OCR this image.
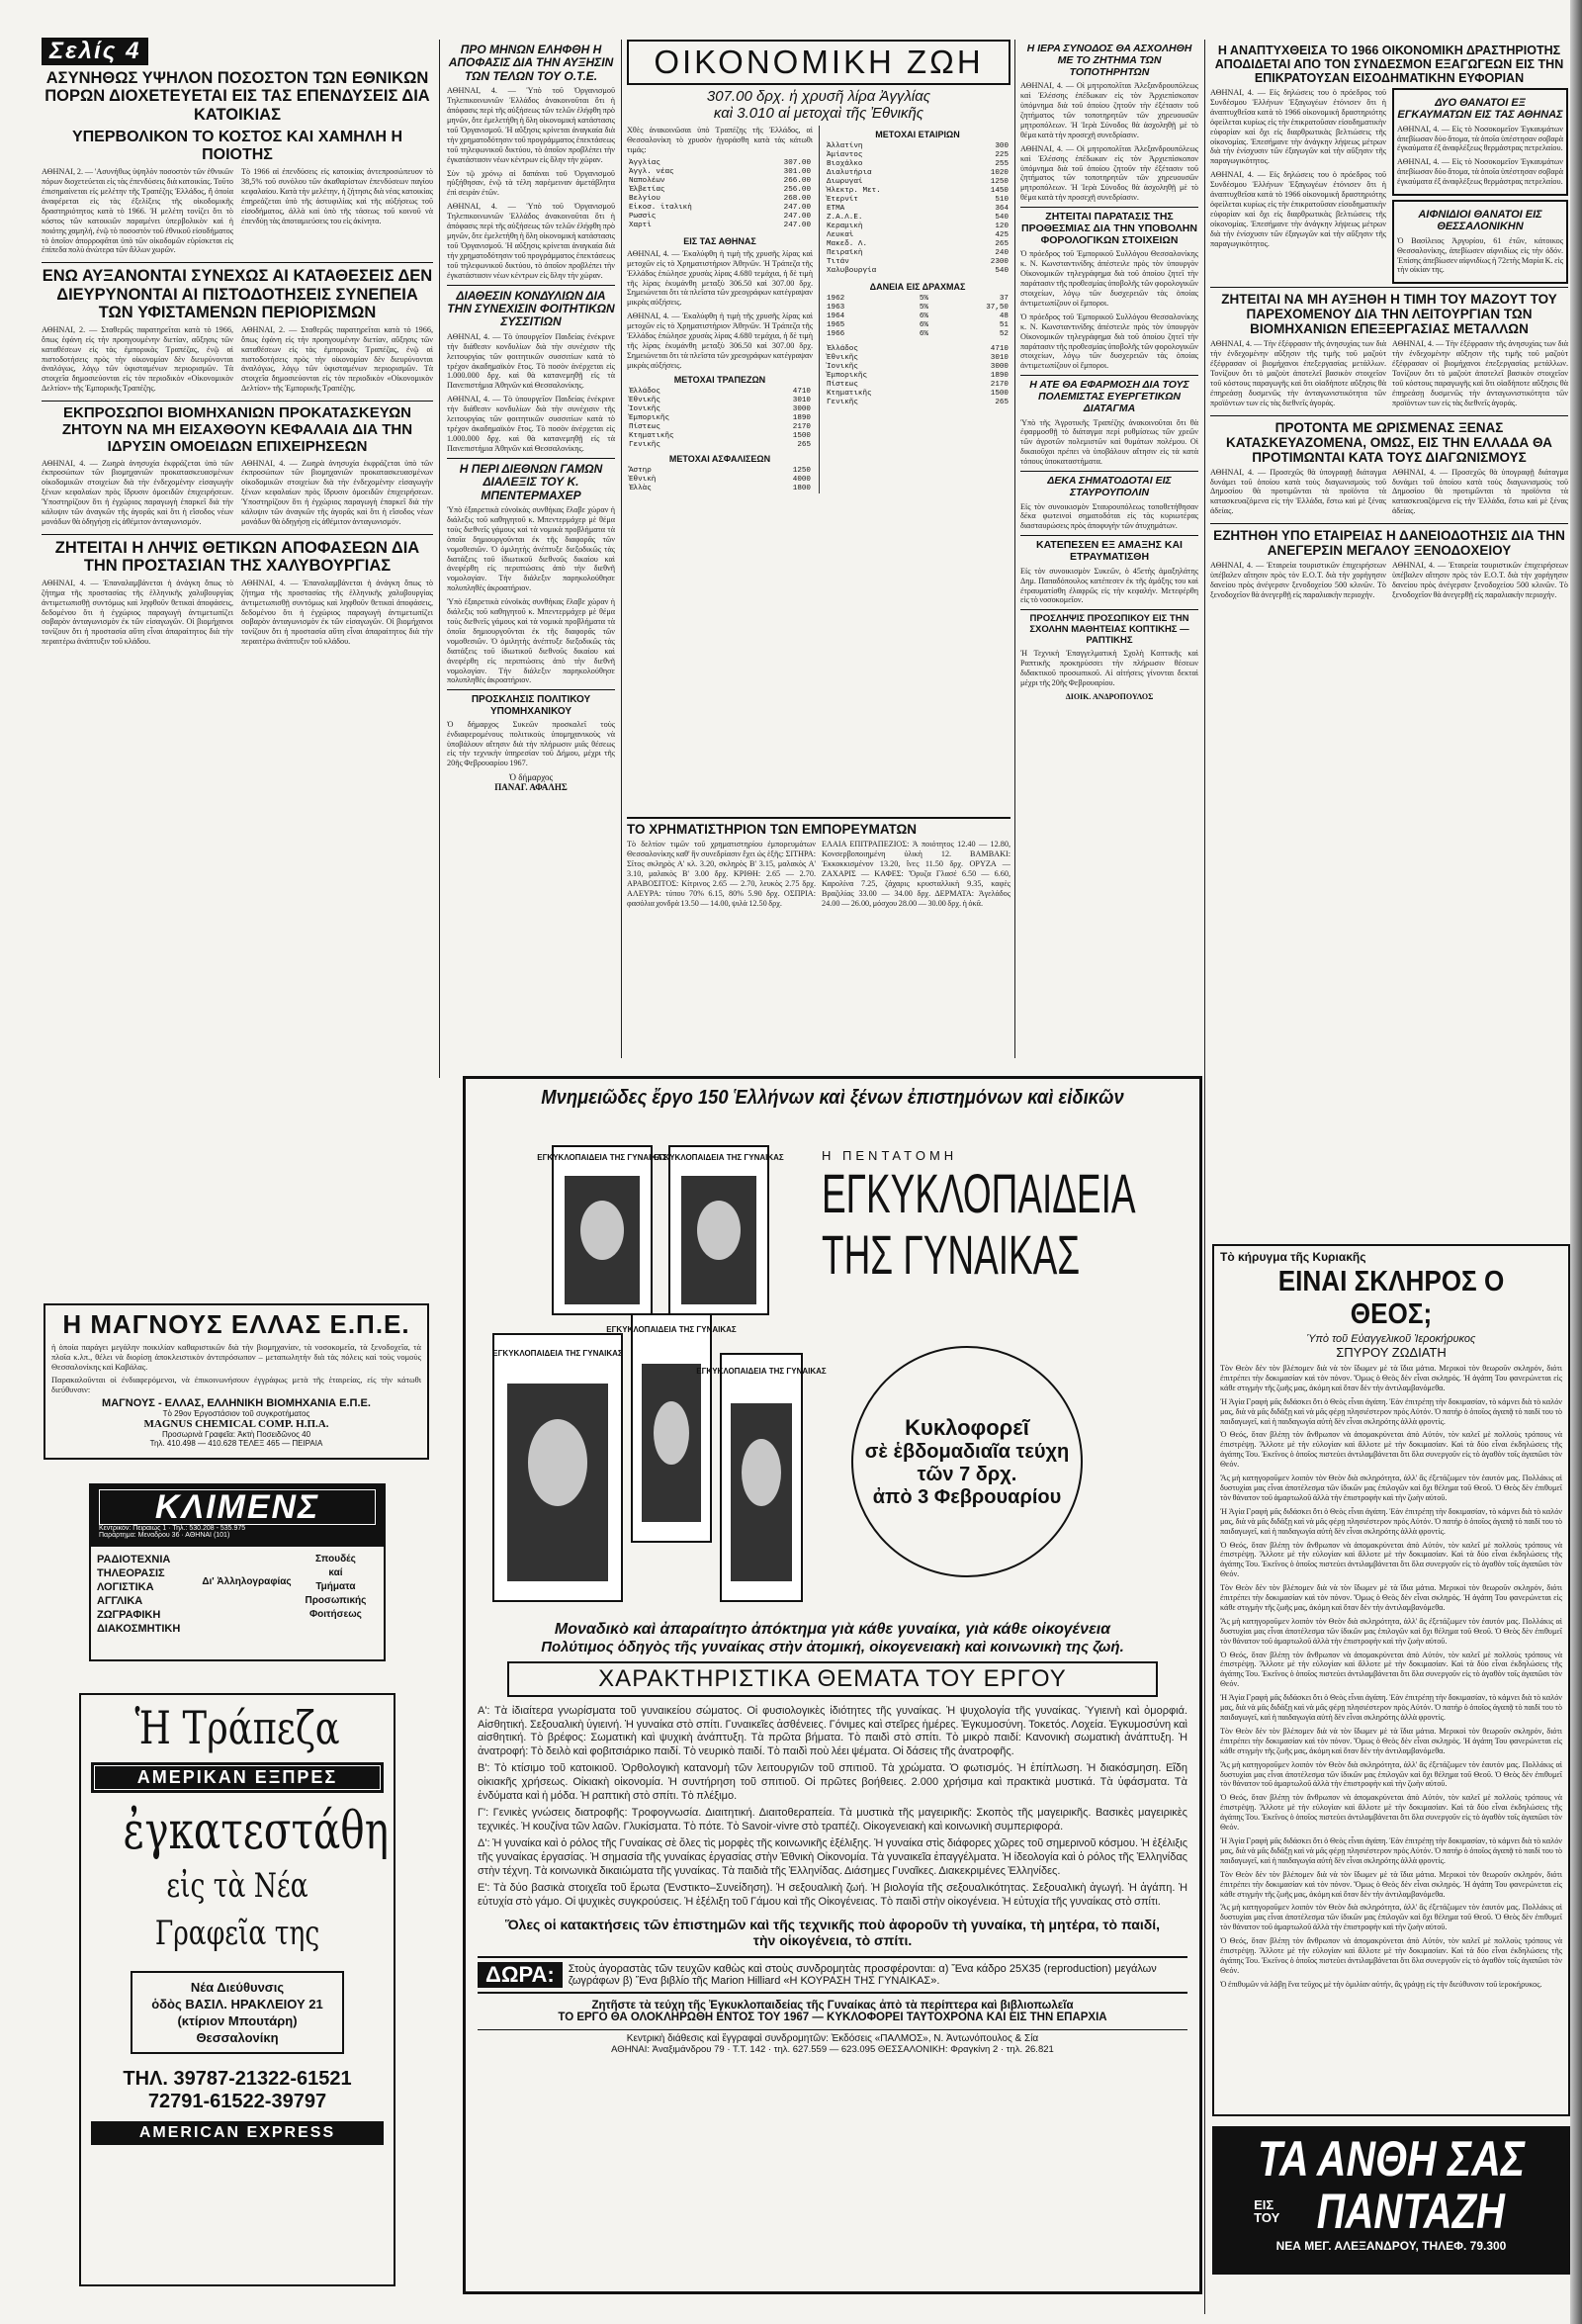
Σελίς 4
ΑΣΥΝΗΘΩΣ ΥΨΗΛΟΝ ΠΟΣΟΣΤΟΝ ΤΩΝ ΕΘΝΙΚΩΝ ΠΟΡΩΝ ΔΙΟΧΕΤΕΥΕΤΑΙ ΕΙΣ ΤΑΣ ΕΠΕΝΔΥΣΕΙΣ ΔΙΑ ΚΑΤΟΙΚΙΑΣ
ΥΠΕΡΒΟΛΙΚΟΝ ΤΟ ΚΟΣΤΟΣ ΚΑΙ ΧΑΜΗΛΗ Η ΠΟΙΟΤΗΣ

ΑΘΗΝΑΙ, 2. — 'Ασυνήθως ὑψηλὸν ποσοστὸν τῶν ἐθνικῶν πόρων διοχετεύεται εἰς τὰς ἐπενδύσεις διὰ κατοικίας. Τοῦτο ἐπισημαίνεται εἰς μελέτην τῆς Τραπέζης Ἑλλάδος, ἣ ὁποία ἀναφέρεται εἰς τὰς ἐξελίξεις τῆς οἰκοδομικῆς δραστηριότητος κατὰ τὸ 1966. Ἡ μελέτη τονίζει ὅτι τὸ κόστος τῶν κατοικιῶν παραμένει ὑπερβολικὸν καὶ ἡ ποιότης χαμηλή, ἐνῷ τὸ ποσοστὸν τοῦ ἐθνικοῦ εἰσοδήματος τὸ ὁποῖον ἀπορροφᾶται ὑπὸ τῶν οἰκοδομῶν εὑρίσκεται εἰς ἐπίπεδα πολὺ ἀνώτερα τῶν ἄλλων χωρῶν.

Τὸ 1966 αἱ ἐπενδύσεις εἰς κατοικίας ἀντεπροσώπευον τὸ 38,5% τοῦ συνόλου τῶν ἀκαθαρίστων ἐπενδύσεων παγίου κεφαλαίου. Κατὰ τὴν μελέτην, ἡ ζήτησις διὰ νέας κατοικίας ἐπηρεάζεται ὑπὸ τῆς ἀστυφιλίας καὶ τῆς αὐξήσεως τοῦ εἰσοδήματος, ἀλλὰ καὶ ὑπὸ τῆς τάσεως τοῦ κοινοῦ νὰ ἐπενδύῃ τὰς ἀποταμιεύσεις του εἰς ἀκίνητα.

ΕΝΩ ΑΥΞΑΝΟΝΤΑΙ ΣΥΝΕΧΩΣ ΑΙ ΚΑΤΑΘΕΣΕΙΣ ΔΕΝ ΔΙΕΥΡΥΝΟΝΤΑΙ ΑΙ ΠΙΣΤΟΔΟΤΗΣΕΙΣ ΣΥΝΕΠΕΙΑ ΤΩΝ ΥΦΙΣΤΑΜΕΝΩΝ ΠΕΡΙΟΡΙΣΜΩΝ

ΑΘΗΝΑΙ, 2. — Σταθερῶς παρατηρεῖται κατὰ τὸ 1966, ὅπως ἐφάνη εἰς τὴν προηγουμένην διετίαν, αὔξησις τῶν καταθέσεων εἰς τὰς ἐμπορικὰς Τραπέζας, ἐνῷ αἱ πιστοδοτήσεις πρὸς τὴν οἰκονομίαν δὲν διευρύνονται ἀναλόγως, λόγῳ τῶν ὑφισταμένων περιορισμῶν. Τὰ στοιχεῖα δημοσιεύονται εἰς τὸν περιοδικὸν «Οἰκονομικὸν Δελτίον» τῆς Ἐμπορικῆς Τραπέζης.

ΑΘΗΝΑΙ, 2. — Σταθερῶς παρατηρεῖται κατὰ τὸ 1966, ὅπως ἐφάνη εἰς τὴν προηγουμένην διετίαν, αὔξησις τῶν καταθέσεων εἰς τὰς ἐμπορικὰς Τραπέζας, ἐνῷ αἱ πιστοδοτήσεις πρὸς τὴν οἰκονομίαν δὲν διευρύνονται ἀναλόγως, λόγῳ τῶν ὑφισταμένων περιορισμῶν. Τὰ στοιχεῖα δημοσιεύονται εἰς τὸν περιοδικὸν «Οἰκονομικὸν Δελτίον» τῆς Ἐμπορικῆς Τραπέζης.

ΕΚΠΡΟΣΩΠΟΙ ΒΙΟΜΗΧΑΝΙΩΝ ΠΡΟΚΑΤΑΣΚΕΥΩΝ ΖΗΤΟΥΝ ΝΑ ΜΗ ΕΙΣΑΧΘΟΥΝ ΚΕΦΑΛΑΙΑ ΔΙΑ ΤΗΝ ΙΔΡΥΣΙΝ ΟΜΟΕΙΔΩΝ ΕΠΙΧΕΙΡΗΣΕΩΝ

ΑΘΗΝΑΙ, 4. — Ζωηρὰ ἀνησυχία ἐκφράζεται ὑπὸ τῶν ἐκπροσώπων τῶν βιομηχανιῶν προκατασκευασμένων οἰκοδομικῶν στοιχείων διὰ τὴν ἐνδεχομένην εἰσαγωγὴν ξένων κεφαλαίων πρὸς ἵδρυσιν ὁμοειδῶν ἐπιχειρήσεων. Ὑποστηρίζουν ὅτι ἡ ἐγχώριος παραγωγὴ ἐπαρκεῖ διὰ τὴν κάλυψιν τῶν ἀναγκῶν τῆς ἀγορᾶς καὶ ὅτι ἡ εἴσοδος νέων μονάδων θὰ ὁδηγήσῃ εἰς ἀθέμιτον ἀνταγωνισμόν.

ΑΘΗΝΑΙ, 4. — Ζωηρὰ ἀνησυχία ἐκφράζεται ὑπὸ τῶν ἐκπροσώπων τῶν βιομηχανιῶν προκατασκευασμένων οἰκοδομικῶν στοιχείων διὰ τὴν ἐνδεχομένην εἰσαγωγὴν ξένων κεφαλαίων πρὸς ἵδρυσιν ὁμοειδῶν ἐπιχειρήσεων. Ὑποστηρίζουν ὅτι ἡ ἐγχώριος παραγωγὴ ἐπαρκεῖ διὰ τὴν κάλυψιν τῶν ἀναγκῶν τῆς ἀγορᾶς καὶ ὅτι ἡ εἴσοδος νέων μονάδων θὰ ὁδηγήσῃ εἰς ἀθέμιτον ἀνταγωνισμόν.

ΖΗΤΕΙΤΑΙ Η ΛΗΨΙΣ ΘΕΤΙΚΩΝ ΑΠΟΦΑΣΕΩΝ ΔΙΑ ΤΗΝ ΠΡΟΣΤΑΣΙΑΝ ΤΗΣ ΧΑΛΥΒΟΥΡΓΙΑΣ

ΑΘΗΝΑΙ, 4. — Ἐπαναλαμβάνεται ἡ ἀνάγκη ὅπως τὸ ζήτημα τῆς προστασίας τῆς ἑλληνικῆς χαλυβουργίας ἀντιμετωπισθῇ συντόμως καὶ ληφθοῦν θετικαὶ ἀποφάσεις, δεδομένου ὅτι ἡ ἐγχώριος παραγωγὴ ἀντιμετωπίζει σοβαρὸν ἀνταγωνισμὸν ἐκ τῶν εἰσαγωγῶν. Οἱ βιομήχανοι τονίζουν ὅτι ἡ προστασία αὕτη εἶναι ἀπαραίτητος διὰ τὴν περαιτέρω ἀνάπτυξιν τοῦ κλάδου.

ΑΘΗΝΑΙ, 4. — Ἐπαναλαμβάνεται ἡ ἀνάγκη ὅπως τὸ ζήτημα τῆς προστασίας τῆς ἑλληνικῆς χαλυβουργίας ἀντιμετωπισθῇ συντόμως καὶ ληφθοῦν θετικαὶ ἀποφάσεις, δεδομένου ὅτι ἡ ἐγχώριος παραγωγὴ ἀντιμετωπίζει σοβαρὸν ἀνταγωνισμὸν ἐκ τῶν εἰσαγωγῶν. Οἱ βιομήχανοι τονίζουν ὅτι ἡ προστασία αὕτη εἶναι ἀπαραίτητος διὰ τὴν περαιτέρω ἀνάπτυξιν τοῦ κλάδου.

Η ΜΑΓΝΟΥΣ ΕΛΛΑΣ Ε.Π.Ε.

ἡ ὁποία παράγει μεγάλην ποικιλίαν καθαριστικῶν διὰ τὴν βιομηχανίαν, τὰ νοσοκομεῖα, τὰ ξενοδοχεῖα, τὰ πλοῖα κ.λπ., θέλει νὰ διορίσῃ ἀποκλειστικὸν ἀντιπρόσωπον – μεταπωλητὴν διὰ τὰς πόλεις καὶ τοὺς νομοὺς Θεσσαλονίκης καὶ Καβάλας.

Παρακαλοῦνται οἱ ἐνδιαφερόμενοι, νὰ ἐπικοινωνήσουν ἐγγράφως μετὰ τῆς ἑταιρείας, εἰς τὴν κάτωθι διεύθυνσιν:

ΜΑΓΝΟΥΣ - ΕΛΛΑΣ, ΕΛΛΗΝΙΚΗ ΒΙΟΜΗΧΑΝΙΑ Ε.Π.Ε.
Τὸ 29ον Ἐργοστάσιον τοῦ συγκροτήματος
MAGNUS CHEMICAL COMP. Η.Π.Α.
Προσωρινὰ Γραφεῖα: Ἀκτὴ Ποσειδῶνος 40
Τηλ. 410.498 — 410.628 ΤΕΛΕΞ 465 — ΠΕΙΡΑΙΑ
ΚΛΙΜΕΝΣ
Κεντρικόν: Πειραιώς 1 · Τηλ.: 530.208 - 535.975
Παράρτημα: Μεναδρου 36 · ΑΘΗΝΑΙ (101)
ΡΑΔΙΟΤΕΧΝΙΑ
ΤΗΛΕΟΡΑΣΙΣ
ΛΟΓΙΣΤΙΚΑ
ΑΓΓΛΙΚΑ
ΖΩΓΡΑΦΙΚΗ
ΔΙΑΚΟΣΜΗΤΙΚΗ
Δι' Ἀλληλογραφίας
Σπουδές
καί
Τμήματα
Προσωπικής
Φοιτήσεως
Ἡ Τράπεζα
ΑΜΕΡΙΚΑΝ ΕΞΠΡΕΣ
ἐγκατεστάθη
εἰς τὰ Νέα Γραφεῖα της
Νέα Διεύθυνσις
ὁδὸς ΒΑΣΙΛ. ΗΡΑΚΛΕΙΟΥ 21
(κτίριον Μπουτάρη)
Θεσσαλονίκη
ΤΗΛ. 39787-21322-61521
72791-61522-39797
AMERICAN EXPRESS
ΠΡΟ ΜΗΝΩΝ ΕΛΗΦΘΗ Η ΑΠΟΦΑΣΙΣ ΔΙΑ ΤΗΝ ΑΥΞΗΣΙΝ ΤΩΝ ΤΕΛΩΝ ΤΟΥ Ο.Τ.Ε.

ΑΘΗΝΑΙ, 4. — Ὑπὸ τοῦ Ὀργανισμοῦ Τηλεπικοινωνιῶν Ἑλλάδος ἀνακοινοῦται ὅτι ἡ ἀπόφασις περὶ τῆς αὐξήσεως τῶν τελῶν ἐλήφθη πρὸ μηνῶν, ὅτε ἐμελετήθη ἡ ὅλη οἰκονομικὴ κατάστασις τοῦ Ὀργανισμοῦ. Ἡ αὔξησις κρίνεται ἀναγκαία διὰ τὴν χρηματοδότησιν τοῦ προγράμματος ἐπεκτάσεως τοῦ τηλεφωνικοῦ δικτύου, τὸ ὁποῖον προβλέπει τὴν ἐγκατάστασιν νέων κέντρων εἰς ὅλην τὴν χώραν.

Σὺν τῷ χρόνῳ αἱ δαπάναι τοῦ Ὀργανισμοῦ ηὐξήθησαν, ἐνῷ τὰ τέλη παρέμειναν ἀμετάβλητα ἐπὶ σειρὰν ἐτῶν.

ΑΘΗΝΑΙ, 4. — Ὑπὸ τοῦ Ὀργανισμοῦ Τηλεπικοινωνιῶν Ἑλλάδος ἀνακοινοῦται ὅτι ἡ ἀπόφασις περὶ τῆς αὐξήσεως τῶν τελῶν ἐλήφθη πρὸ μηνῶν, ὅτε ἐμελετήθη ἡ ὅλη οἰκονομικὴ κατάστασις τοῦ Ὀργανισμοῦ. Ἡ αὔξησις κρίνεται ἀναγκαία διὰ τὴν χρηματοδότησιν τοῦ προγράμματος ἐπεκτάσεως τοῦ τηλεφωνικοῦ δικτύου, τὸ ὁποῖον προβλέπει τὴν ἐγκατάστασιν νέων κέντρων εἰς ὅλην τὴν χώραν.

ΔΙΑΘΕΣΙΝ ΚΟΝΔΥΛΙΩΝ ΔΙΑ ΤΗΝ ΣΥΝΕΧΙΣΙΝ ΦΟΙΤΗΤΙΚΩΝ ΣΥΣΣΙΤΙΩΝ

ΑΘΗΝΑΙ, 4. — Τὸ ὑπουργεῖον Παιδείας ἐνέκρινε τὴν διάθεσιν κονδυλίων διὰ τὴν συνέχισιν τῆς λειτουργίας τῶν φοιτητικῶν συσσιτίων κατὰ τὸ τρέχον ἀκαδημαϊκὸν ἔτος. Τὸ ποσὸν ἀνέρχεται εἰς 1.000.000 δρχ. καὶ θὰ κατανεμηθῇ εἰς τὰ Πανεπιστήμια Ἀθηνῶν καὶ Θεσσαλονίκης.

ΑΘΗΝΑΙ, 4. — Τὸ ὑπουργεῖον Παιδείας ἐνέκρινε τὴν διάθεσιν κονδυλίων διὰ τὴν συνέχισιν τῆς λειτουργίας τῶν φοιτητικῶν συσσιτίων κατὰ τὸ τρέχον ἀκαδημαϊκὸν ἔτος. Τὸ ποσὸν ἀνέρχεται εἰς 1.000.000 δρχ. καὶ θὰ κατανεμηθῇ εἰς τὰ Πανεπιστήμια Ἀθηνῶν καὶ Θεσσαλονίκης.

Η ΠΕΡΙ ΔΙΕΘΝΩΝ ΓΑΜΩΝ ΔΙΑΛΕΞΙΣ ΤΟΥ Κ. ΜΠΕΝΤΕΡΜΑΧΕΡ

Ὑπὸ ἐξαιρετικὰ εὐνοϊκὰς συνθήκας ἔλαβε χώραν ἡ διάλεξις τοῦ καθηγητοῦ κ. Μπεντερμάχερ μὲ θέμα τοὺς διεθνεῖς γάμους καὶ τὰ νομικὰ προβλήματα τὰ ὁποῖα δημιουργοῦνται ἐκ τῆς διαφορᾶς τῶν νομοθεσιῶν. Ὁ ὁμιλητὴς ἀνέπτυξε διεξοδικῶς τὰς διατάξεις τοῦ ἰδιωτικοῦ διεθνοῦς δικαίου καὶ ἀνεφέρθη εἰς περιπτώσεις ἀπὸ τὴν διεθνῆ νομολογίαν. Τὴν διάλεξιν παρηκολούθησε πολυπληθὲς ἀκροατήριον.

Ὑπὸ ἐξαιρετικὰ εὐνοϊκὰς συνθήκας ἔλαβε χώραν ἡ διάλεξις τοῦ καθηγητοῦ κ. Μπεντερμάχερ μὲ θέμα τοὺς διεθνεῖς γάμους καὶ τὰ νομικὰ προβλήματα τὰ ὁποῖα δημιουργοῦνται ἐκ τῆς διαφορᾶς τῶν νομοθεσιῶν. Ὁ ὁμιλητὴς ἀνέπτυξε διεξοδικῶς τὰς διατάξεις τοῦ ἰδιωτικοῦ διεθνοῦς δικαίου καὶ ἀνεφέρθη εἰς περιπτώσεις ἀπὸ τὴν διεθνῆ νομολογίαν. Τὴν διάλεξιν παρηκολούθησε πολυπληθὲς ἀκροατήριον.

ΠΡΟΣΚΛΗΣΙΣ ΠΟΛΙΤΙΚΟΥ ΥΠΟΜΗΧΑΝΙΚΟΥ

Ὁ δήμαρχος Συκεῶν προσκαλεῖ τοὺς ἐνδιαφερομένους πολιτικοὺς ὑπομηχανικοὺς νὰ ὑποβάλουν αἴτησιν διὰ τὴν πλήρωσιν μιᾶς θέσεως εἰς τὴν τεχνικὴν ὑπηρεσίαν τοῦ Δήμου, μέχρι τῆς 20ῆς Φεβρουαρίου 1967.

Ὁ δήμαρχος
ΠΑΝΑΓ. ΑΦΑΛΗΣ
ΟΙΚΟΝΟΜΙΚΗ ΖΩΗ
307.00 δρχ. ἡ χρυσῆ λίρα Ἀγγλίας
καὶ 3.010 αἱ μετοχαὶ τῆς Ἐθνικῆς

Χθὲς ἀνακοινῶσαι ὑπὸ Τραπέζης τῆς Ἑλλάδος, αἱ Θεσσαλονίκη τὸ χρυσὸν ἠγοράσθη κατὰ τὰς κάτωθι τιμάς:

Ἀγγλίας	307.00
Ἀγγλ. νέας	301.00
Ναπολέων	266.00
Ἑλβετίας	256.00
Βελγίου	268.00
Εἰκοσ. ἰταλικὴ	247.00
Ρωσσὶς	247.00
Χαρτὶ	247.00
ΕΙΣ ΤΑΣ ΑΘΗΝΑΣ

ΑΘΗΝΑΙ, 4. — Ἐκαλύφθη ἡ τιμὴ τῆς χρυσῆς λίρας καὶ μετοχῶν εἰς τὸ Χρηματιστήριον Ἀθηνῶν. Ἡ Τράπεζα τῆς Ἑλλάδος ἐπώλησε χρυσὰς λίρας 4.680 τεμάχια, ἡ δὲ τιμὴ τῆς λίρας ἐκυμάνθη μεταξὺ 306.50 καὶ 307.00 δρχ. Σημειώνεται ὅτι τὰ πλεῖστα τῶν χρεογράφων κατέγραψαν μικρὰς αὐξήσεις.

ΑΘΗΝΑΙ, 4. — Ἐκαλύφθη ἡ τιμὴ τῆς χρυσῆς λίρας καὶ μετοχῶν εἰς τὸ Χρηματιστήριον Ἀθηνῶν. Ἡ Τράπεζα τῆς Ἑλλάδος ἐπώλησε χρυσὰς λίρας 4.680 τεμάχια, ἡ δὲ τιμὴ τῆς λίρας ἐκυμάνθη μεταξὺ 306.50 καὶ 307.00 δρχ. Σημειώνεται ὅτι τὰ πλεῖστα τῶν χρεογράφων κατέγραψαν μικρὰς αὐξήσεις.

ΜΕΤΟΧΑΙ ΤΡΑΠΕΖΩΝ
Ἑλλάδος	4710
Ἐθνικῆς	3010
Ἰονικῆς	3000
Ἐμπορικῆς	1890
Πίστεως	2170
Κτηματικῆς	1500
Γενικῆς	265
ΜΕΤΟΧΑΙ ΑΣΦΑΛΙΣΕΩΝ
Ἄστηρ	1250
Ἐθνικὴ	4000
Ἑλλὰς	1800
ΜΕΤΟΧΑΙ ΕΤΑΙΡΙΩΝ
Ἀλλατίνη	300
Ἀμίαντος	225
Βιοχάλκο	255
Διαλυτήρια	1020
Διωρυγαί	1250
Ἠλεκτρ. Μετ.	1450
Ἐτερνίτ	510
ΕΤΜΑ	364
Ζ.Α.Λ.Ε.	540
Κεραμικὴ	120
Λευκαὶ	425
Μακεδ. Λ.	265
Πειραϊκὴ	240
Τιτάν	2300
Χαλυβουργία	540
ΔΑΝΕΙΑ ΕΙΣ ΔΡΑΧΜΑΣ
1962	5%	37
1963	5%	37,50
1964	6%	48
1965	6%	51
1966	6%	52
Ἑλλάδος	4710
Ἐθνικῆς	3010
Ἰονικῆς	3000
Ἐμπορικῆς	1890
Πίστεως	2170
Κτηματικῆς	1500
Γενικῆς	265
ΤΟ ΧΡΗΜΑΤΙΣΤΗΡΙΟΝ ΤΩΝ ΕΜΠΟΡΕΥΜΑΤΩΝ

Τὸ δελτίον τιμῶν τοῦ χρηματιστηρίου ἐμπορευμάτων Θεσσαλονίκης καθ' ἣν συνεδρίασιν ἔχει ὡς ἑξῆς: ΣΙΤΗΡΑ: Σῖτος σκληρὸς Α' κλ. 3.20, σκληρὸς Β' 3.15, μαλακὸς Α' 3.10, μαλακὸς Β' 3.00 δρχ. ΚΡΙΘΗ: 2.65 — 2.70. ΑΡΑΒΟΣΙΤΟΣ: Κίτρινος 2.65 — 2.70, λευκὸς 2.75 δρχ. ΑΛΕΥΡΑ: τύπου 70% 6.15, 80% 5.90 δρχ. ΟΣΠΡΙΑ: φασόλια χονδρὰ 13.50 — 14.00, ψιλὰ 12.50 δρχ.

ΕΛΑΙΑ ΕΠΙΤΡΑΠΕΖΙΟΣ: Ἀ ποιότητος 12.40 — 12.80, Κονσερβοποιημένη ὑλικὴ 12. ΒΑΜΒΑΚΙ: Ἐκκοκκισμένον 13.20, ἴνες 11.50 δρχ. ΟΡΥΖΑ — ΖΑΧΑΡΙΣ — ΚΑΦΕΣ: Ὄρυζα Γλασέ 6.50 — 6.60, Καρολίνα 7.25, ζάχαρις κρυσταλλικὴ 9.35, καφὲς Βραζιλίας 33.00 — 34.00 δρχ. ΔΕΡΜΑΤΑ: Ἀγελάδος 24.00 — 26.00, μόσχου 28.00 — 30.00 δρχ. ἡ ὀκᾶ.

Η ΙΕΡΑ ΣΥΝΟΔΟΣ ΘΑ ΑΣΧΟΛΗΘΗ ΜΕ ΤΟ ΖΗΤΗΜΑ ΤΩΝ ΤΟΠΟΤΗΡΗΤΩΝ

ΑΘΗΝΑΙ, 4. — Οἱ μητροπολῖται Ἀλεξανδρουπόλεως καὶ Ἐλέσσης ἐπέδωκαν εἰς τὸν Ἀρχιεπίσκοπον ὑπόμνημα διὰ τοῦ ὁποίου ζητοῦν τὴν ἐξέτασιν τοῦ ζητήματος τῶν τοποτηρητῶν τῶν χηρευουσῶν μητροπόλεων. Ἡ Ἱερὰ Σύνοδος θὰ ἀσχοληθῇ μὲ τὸ θέμα κατὰ τὴν προσεχῆ συνεδρίασιν.

ΑΘΗΝΑΙ, 4. — Οἱ μητροπολῖται Ἀλεξανδρουπόλεως καὶ Ἐλέσσης ἐπέδωκαν εἰς τὸν Ἀρχιεπίσκοπον ὑπόμνημα διὰ τοῦ ὁποίου ζητοῦν τὴν ἐξέτασιν τοῦ ζητήματος τῶν τοποτηρητῶν τῶν χηρευουσῶν μητροπόλεων. Ἡ Ἱερὰ Σύνοδος θὰ ἀσχοληθῇ μὲ τὸ θέμα κατὰ τὴν προσεχῆ συνεδρίασιν.

ΖΗΤΕΙΤΑΙ ΠΑΡΑΤΑΣΙΣ ΤΗΣ ΠΡΟΘΕΣΜΙΑΣ ΔΙΑ ΤΗΝ ΥΠΟΒΟΛΗΝ ΦΟΡΟΛΟΓΙΚΩΝ ΣΤΟΙΧΕΙΩΝ

Ὁ πρόεδρος τοῦ Ἐμπορικοῦ Συλλόγου Θεσσαλονίκης κ. Ν. Κωνσταντινίδης ἀπέστειλε πρὸς τὸν ὑπουργὸν Οἰκονομικῶν τηλεγράφημα διὰ τοῦ ὁποίου ζητεῖ τὴν παράτασιν τῆς προθεσμίας ὑποβολῆς τῶν φορολογικῶν στοιχείων, λόγῳ τῶν δυσχερειῶν τὰς ὁποίας ἀντιμετωπίζουν οἱ ἔμποροι.

Ὁ πρόεδρος τοῦ Ἐμπορικοῦ Συλλόγου Θεσσαλονίκης κ. Ν. Κωνσταντινίδης ἀπέστειλε πρὸς τὸν ὑπουργὸν Οἰκονομικῶν τηλεγράφημα διὰ τοῦ ὁποίου ζητεῖ τὴν παράτασιν τῆς προθεσμίας ὑποβολῆς τῶν φορολογικῶν στοιχείων, λόγῳ τῶν δυσχερειῶν τὰς ὁποίας ἀντιμετωπίζουν οἱ ἔμποροι.

Η ΑΤΕ ΘΑ ΕΦΑΡΜΟΣΗ ΔΙΑ ΤΟΥΣ ΠΟΛΕΜΙΣΤΑΣ ΕΥΕΡΓΕΤΙΚΩΝ ΔΙΑΤΑΓΜΑ

Ὑπὸ τῆς Ἀγροτικῆς Τραπέζης ἀνακοινοῦται ὅτι θὰ ἐφαρμοσθῇ τὸ διάταγμα περὶ ρυθμίσεως τῶν χρεῶν τῶν ἀγροτῶν πολεμιστῶν καὶ θυμάτων πολέμου. Οἱ δικαιοῦχοι πρέπει νὰ ὑποβάλουν αἴτησιν εἰς τὰ κατὰ τόπους ὑποκαταστήματα.

ΔΕΚΑ ΣΗΜΑΤΟΔΟΤΑΙ ΕΙΣ ΣΤΑΥΡΟΥΠΟΛΙΝ

Εἰς τὸν συνοικισμὸν Σταυρουπόλεως τοποθετήθησαν δέκα φωτεινοὶ σηματοδόται εἰς τὰς κυριωτέρας διασταυρώσεις πρὸς ἀποφυγὴν τῶν ἀτυχημάτων.

ΚΑΤΕΠΕΣΕΝ ΕΞ ΑΜΑΞΗΣ ΚΑΙ ΕΤΡΑΥΜΑΤΙΣΘΗ

Εἰς τὸν συνοικισμὸν Συκεῶν, ὁ 45ετὴς ἁμαξηλάτης Δημ. Παπαδόπουλος κατέπεσεν ἐκ τῆς ἁμάξης του καὶ ἐτραυματίσθη ἐλαφρῶς εἰς τὴν κεφαλήν. Μετεφέρθη εἰς τὸ νοσοκομεῖον.

ΠΡΟΣΛΗΨΙΣ ΠΡΟΣΩΠΙΚΟΥ ΕΙΣ ΤΗΝ ΣΧΟΛΗΝ ΜΑΘΗΤΕΙΑΣ ΚΟΠΤΙΚΗΣ — ΡΑΠΤΙΚΗΣ

Ἡ Τεχνικὴ Ἐπαγγελματικὴ Σχολὴ Κοπτικῆς καὶ Ραπτικῆς προκηρύσσει τὴν πλήρωσιν θέσεων διδακτικοῦ προσωπικοῦ. Αἱ αἰτήσεις γίνονται δεκταὶ μέχρι τῆς 20ῆς Φεβρουαρίου.

ΔΙΟΙΚ. ΑΝΔΡΟΠΟΥΛΟΣ
Η ΑΝΑΠΤΥΧΘΕΙΣΑ ΤΟ 1966 ΟΙΚΟΝΟΜΙΚΗ ΔΡΑΣΤΗΡΙΟΤΗΣ ΑΠΟΔΙΔΕΤΑΙ ΑΠΟ ΤΟΝ ΣΥΝΔΕΣΜΟΝ ΕΞΑΓΩΓΕΩΝ ΕΙΣ ΤΗΝ ΕΠΙΚΡΑΤΟΥΣΑΝ ΕΙΣΟΔΗΜΑΤΙΚΗΝ ΕΥΦΟΡΙΑΝ

ΑΘΗΝΑΙ, 4. — Εἰς δηλώσεις του ὁ πρόεδρος τοῦ Συνδέσμου Ἑλλήνων Ἐξαγωγέων ἐτόνισεν ὅτι ἡ ἀναπτυχθεῖσα κατὰ τὸ 1966 οἰκονομικὴ δραστηριότης ὀφείλεται κυρίως εἰς τὴν ἐπικρατοῦσαν εἰσοδηματικὴν εὐφορίαν καὶ ὄχι εἰς διαρθρωτικὰς βελτιώσεις τῆς οἰκονομίας. Ἐπεσήμανε τὴν ἀνάγκην λήψεως μέτρων διὰ τὴν ἐνίσχυσιν τῶν ἐξαγωγῶν καὶ τὴν αὔξησιν τῆς παραγωγικότητος.

ΑΘΗΝΑΙ, 4. — Εἰς δηλώσεις του ὁ πρόεδρος τοῦ Συνδέσμου Ἑλλήνων Ἐξαγωγέων ἐτόνισεν ὅτι ἡ ἀναπτυχθεῖσα κατὰ τὸ 1966 οἰκονομικὴ δραστηριότης ὀφείλεται κυρίως εἰς τὴν ἐπικρατοῦσαν εἰσοδηματικὴν εὐφορίαν καὶ ὄχι εἰς διαρθρωτικὰς βελτιώσεις τῆς οἰκονομίας. Ἐπεσήμανε τὴν ἀνάγκην λήψεως μέτρων διὰ τὴν ἐνίσχυσιν τῶν ἐξαγωγῶν καὶ τὴν αὔξησιν τῆς παραγωγικότητος.

ΔΥΟ ΘΑΝΑΤΟΙ ΕΞ ΕΓΚΑΥΜΑΤΩΝ ΕΙΣ ΤΑΣ ΑΘΗΝΑΣ

ΑΘΗΝΑΙ, 4. — Εἰς τὸ Νοσοκομεῖον Ἐγκαυμάτων ἀπεβίωσαν δύο ἄτομα, τὰ ὁποῖα ὑπέστησαν σοβαρὰ ἐγκαύματα ἐξ ἀναφλέξεως θερμάστρας πετρελαίου.

ΑΘΗΝΑΙ, 4. — Εἰς τὸ Νοσοκομεῖον Ἐγκαυμάτων ἀπεβίωσαν δύο ἄτομα, τὰ ὁποῖα ὑπέστησαν σοβαρὰ ἐγκαύματα ἐξ ἀναφλέξεως θερμάστρας πετρελαίου.

ΑΙΦΝΙΔΙΟΙ ΘΑΝΑΤΟΙ ΕΙΣ ΘΕΣΣΑΛΟΝΙΚΗΝ

Ὁ Βασίλειος Ἀργυρίου, 61 ἐτῶν, κάτοικος Θεσσαλονίκης, ἀπεβίωσεν αἰφνιδίως εἰς τὴν ὁδόν. Ἐπίσης ἀπεβίωσεν αἰφνιδίως ἡ 72ετὴς Μαρία Κ. εἰς τὴν οἰκίαν της.

ΖΗΤΕΙΤΑΙ ΝΑ ΜΗ ΑΥΞΗΘΗ Η ΤΙΜΗ ΤΟΥ ΜΑΖΟΥΤ ΤΟΥ ΠΑΡΕΧΟΜΕΝΟΥ ΔΙΑ ΤΗΝ ΛΕΙΤΟΥΡΓΙΑΝ ΤΩΝ ΒΙΟΜΗΧΑΝΙΩΝ ΕΠΕΞΕΡΓΑΣΙΑΣ ΜΕΤΑΛΛΩΝ

ΑΘΗΝΑΙ, 4. — Τὴν ἐξέφρασιν τῆς ἀνησυχίας των διὰ τὴν ἐνδεχομένην αὔξησιν τῆς τιμῆς τοῦ μαζοὺτ ἐξέφρασαν οἱ βιομήχανοι ἐπεξεργασίας μετάλλων. Τονίζουν ὅτι τὸ μαζοὺτ ἀποτελεῖ βασικὸν στοιχεῖον τοῦ κόστους παραγωγῆς καὶ ὅτι οἱαδήποτε αὔξησις θὰ ἐπηρεάσῃ δυσμενῶς τὴν ἀνταγωνιστικότητα τῶν προϊόντων των εἰς τὰς διεθνεῖς ἀγοράς.

ΑΘΗΝΑΙ, 4. — Τὴν ἐξέφρασιν τῆς ἀνησυχίας των διὰ τὴν ἐνδεχομένην αὔξησιν τῆς τιμῆς τοῦ μαζοὺτ ἐξέφρασαν οἱ βιομήχανοι ἐπεξεργασίας μετάλλων. Τονίζουν ὅτι τὸ μαζοὺτ ἀποτελεῖ βασικὸν στοιχεῖον τοῦ κόστους παραγωγῆς καὶ ὅτι οἱαδήποτε αὔξησις θὰ ἐπηρεάσῃ δυσμενῶς τὴν ἀνταγωνιστικότητα τῶν προϊόντων των εἰς τὰς διεθνεῖς ἀγοράς.

ΠΡΟΤΟΝΤΑ ΜΕ ΩΡΙΣΜΕΝΑΣ ΞΕΝΑΣ ΚΑΤΑΣΚΕΥΑΖΟΜΕΝΑ, ΟΜΩΣ, ΕΙΣ ΤΗΝ ΕΛΛΑΔΑ ΘΑ ΠΡΟΤΙΜΩΝΤΑΙ ΚΑΤΑ ΤΟΥΣ ΔΙΑΓΩΝΙΣΜΟΥΣ

ΑΘΗΝΑΙ, 4. — Προσεχῶς θὰ ὑπογραφῇ διάταγμα δυνάμει τοῦ ὁποίου κατὰ τοὺς διαγωνισμοὺς τοῦ Δημοσίου θὰ προτιμῶνται τὰ προϊόντα τὰ κατασκευαζόμενα εἰς τὴν Ἑλλάδα, ἔστω καὶ μὲ ξένας ἀδείας.

ΑΘΗΝΑΙ, 4. — Προσεχῶς θὰ ὑπογραφῇ διάταγμα δυνάμει τοῦ ὁποίου κατὰ τοὺς διαγωνισμοὺς τοῦ Δημοσίου θὰ προτιμῶνται τὰ προϊόντα τὰ κατασκευαζόμενα εἰς τὴν Ἑλλάδα, ἔστω καὶ μὲ ξένας ἀδείας.

ΕΖΗΤΗΘΗ ΥΠΟ ΕΤΑΙΡΕΙΑΣ Η ΔΑΝΕΙΟΔΟΤΗΣΙΣ ΔΙΑ ΤΗΝ ΑΝΕΓΕΡΣΙΝ ΜΕΓΑΛΟΥ ΞΕΝΟΔΟΧΕΙΟΥ

ΑΘΗΝΑΙ, 4. — Ἑταιρεία τουριστικῶν ἐπιχειρήσεων ὑπέβαλεν αἴτησιν πρὸς τὸν Ε.Ο.Τ. διὰ τὴν χορήγησιν δανείου πρὸς ἀνέγερσιν ξενοδοχείου 500 κλινῶν. Τὸ ξενοδοχεῖον θὰ ἀνεγερθῇ εἰς παραλιακὴν περιοχήν.

ΑΘΗΝΑΙ, 4. — Ἑταιρεία τουριστικῶν ἐπιχειρήσεων ὑπέβαλεν αἴτησιν πρὸς τὸν Ε.Ο.Τ. διὰ τὴν χορήγησιν δανείου πρὸς ἀνέγερσιν ξενοδοχείου 500 κλινῶν. Τὸ ξενοδοχεῖον θὰ ἀνεγερθῇ εἰς παραλιακὴν περιοχήν.

Τὸ κήρυγμα τῆς Κυριακῆς
ΕΙΝΑΙ ΣΚΛΗΡΟΣ Ο ΘΕΟΣ;
Ὑπὸ τοῦ Εὐαγγελικοῦ Ἱεροκήρυκος
ΣΠΥΡΟΥ ΖΩΔΙΑΤΗ

Τὸν Θεὸν δὲν τὸν βλέπομεν διὰ νὰ τὸν ἴδωμεν μὲ τὰ ἴδια μάτια. Μερικοὶ τὸν θεωροῦν σκληρόν, διότι ἐπιτρέπει τὴν δοκιμασίαν καὶ τὸν πόνον. Ὅμως ὁ Θεὸς δὲν εἶναι σκληρός. Ἡ ἀγάπη Του φανερώνεται εἰς κάθε στιγμὴν τῆς ζωῆς μας, ἀκόμη καὶ ὅταν δὲν τὴν ἀντιλαμβανόμεθα.

Ἡ Ἁγία Γραφὴ μᾶς διδάσκει ὅτι ὁ Θεὸς εἶναι ἀγάπη. Ἐὰν ἐπιτρέπῃ τὴν δοκιμασίαν, τὸ κάμνει διὰ τὸ καλόν μας, διὰ νὰ μᾶς διδάξῃ καὶ νὰ μᾶς φέρῃ πλησιέστερον πρὸς Αὐτόν. Ὁ πατήρ ὁ ὁποῖος ἀγαπᾷ τὸ παιδί του τὸ παιδαγωγεῖ, καὶ ἡ παιδαγωγία αὐτὴ δὲν εἶναι σκληρότης ἀλλὰ φροντίς.

Ὁ Θεός, ὅταν βλέπῃ τὸν ἄνθρωπον νὰ ἀπομακρύνεται ἀπὸ Αὐτόν, τὸν καλεῖ μὲ πολλοὺς τρόπους νὰ ἐπιστρέψῃ. Ἄλλοτε μὲ τὴν εὐλογίαν καὶ ἄλλοτε μὲ τὴν δοκιμασίαν. Καὶ τὰ δύο εἶναι ἐκδηλώσεις τῆς ἀγάπης Του. Ἐκεῖνος ὁ ὁποῖος πιστεύει ἀντιλαμβάνεται ὅτι ὅλα συνεργοῦν εἰς τὸ ἀγαθὸν τοῖς ἀγαπῶσι τὸν Θεόν.

Ἂς μὴ κατηγοροῦμεν λοιπὸν τὸν Θεὸν διὰ σκληρότητα, ἀλλ' ἂς ἐξετάζωμεν τὸν ἑαυτόν μας. Πολλάκις αἱ δυστυχίαι μας εἶναι ἀποτέλεσμα τῶν ἰδικῶν μας ἐπιλογῶν καὶ ὄχι θέλημα τοῦ Θεοῦ. Ὁ Θεὸς δὲν ἐπιθυμεῖ τὸν θάνατον τοῦ ἁμαρτωλοῦ ἀλλὰ τὴν ἐπιστροφὴν καὶ τὴν ζωὴν αὐτοῦ.

Ἡ Ἁγία Γραφὴ μᾶς διδάσκει ὅτι ὁ Θεὸς εἶναι ἀγάπη. Ἐὰν ἐπιτρέπῃ τὴν δοκιμασίαν, τὸ κάμνει διὰ τὸ καλόν μας, διὰ νὰ μᾶς διδάξῃ καὶ νὰ μᾶς φέρῃ πλησιέστερον πρὸς Αὐτόν. Ὁ πατήρ ὁ ὁποῖος ἀγαπᾷ τὸ παιδί του τὸ παιδαγωγεῖ, καὶ ἡ παιδαγωγία αὐτὴ δὲν εἶναι σκληρότης ἀλλὰ φροντίς.

Ὁ Θεός, ὅταν βλέπῃ τὸν ἄνθρωπον νὰ ἀπομακρύνεται ἀπὸ Αὐτόν, τὸν καλεῖ μὲ πολλοὺς τρόπους νὰ ἐπιστρέψῃ. Ἄλλοτε μὲ τὴν εὐλογίαν καὶ ἄλλοτε μὲ τὴν δοκιμασίαν. Καὶ τὰ δύο εἶναι ἐκδηλώσεις τῆς ἀγάπης Του. Ἐκεῖνος ὁ ὁποῖος πιστεύει ἀντιλαμβάνεται ὅτι ὅλα συνεργοῦν εἰς τὸ ἀγαθὸν τοῖς ἀγαπῶσι τὸν Θεόν.

Τὸν Θεὸν δὲν τὸν βλέπομεν διὰ νὰ τὸν ἴδωμεν μὲ τὰ ἴδια μάτια. Μερικοὶ τὸν θεωροῦν σκληρόν, διότι ἐπιτρέπει τὴν δοκιμασίαν καὶ τὸν πόνον. Ὅμως ὁ Θεὸς δὲν εἶναι σκληρός. Ἡ ἀγάπη Του φανερώνεται εἰς κάθε στιγμὴν τῆς ζωῆς μας, ἀκόμη καὶ ὅταν δὲν τὴν ἀντιλαμβανόμεθα.

Ἂς μὴ κατηγοροῦμεν λοιπὸν τὸν Θεὸν διὰ σκληρότητα, ἀλλ' ἂς ἐξετάζωμεν τὸν ἑαυτόν μας. Πολλάκις αἱ δυστυχίαι μας εἶναι ἀποτέλεσμα τῶν ἰδικῶν μας ἐπιλογῶν καὶ ὄχι θέλημα τοῦ Θεοῦ. Ὁ Θεὸς δὲν ἐπιθυμεῖ τὸν θάνατον τοῦ ἁμαρτωλοῦ ἀλλὰ τὴν ἐπιστροφὴν καὶ τὴν ζωὴν αὐτοῦ.

Ὁ Θεός, ὅταν βλέπῃ τὸν ἄνθρωπον νὰ ἀπομακρύνεται ἀπὸ Αὐτόν, τὸν καλεῖ μὲ πολλοὺς τρόπους νὰ ἐπιστρέψῃ. Ἄλλοτε μὲ τὴν εὐλογίαν καὶ ἄλλοτε μὲ τὴν δοκιμασίαν. Καὶ τὰ δύο εἶναι ἐκδηλώσεις τῆς ἀγάπης Του. Ἐκεῖνος ὁ ὁποῖος πιστεύει ἀντιλαμβάνεται ὅτι ὅλα συνεργοῦν εἰς τὸ ἀγαθὸν τοῖς ἀγαπῶσι τὸν Θεόν.

Ἡ Ἁγία Γραφὴ μᾶς διδάσκει ὅτι ὁ Θεὸς εἶναι ἀγάπη. Ἐὰν ἐπιτρέπῃ τὴν δοκιμασίαν, τὸ κάμνει διὰ τὸ καλόν μας, διὰ νὰ μᾶς διδάξῃ καὶ νὰ μᾶς φέρῃ πλησιέστερον πρὸς Αὐτόν. Ὁ πατήρ ὁ ὁποῖος ἀγαπᾷ τὸ παιδί του τὸ παιδαγωγεῖ, καὶ ἡ παιδαγωγία αὐτὴ δὲν εἶναι σκληρότης ἀλλὰ φροντίς.

Τὸν Θεὸν δὲν τὸν βλέπομεν διὰ νὰ τὸν ἴδωμεν μὲ τὰ ἴδια μάτια. Μερικοὶ τὸν θεωροῦν σκληρόν, διότι ἐπιτρέπει τὴν δοκιμασίαν καὶ τὸν πόνον. Ὅμως ὁ Θεὸς δὲν εἶναι σκληρός. Ἡ ἀγάπη Του φανερώνεται εἰς κάθε στιγμὴν τῆς ζωῆς μας, ἀκόμη καὶ ὅταν δὲν τὴν ἀντιλαμβανόμεθα.

Ἂς μὴ κατηγοροῦμεν λοιπὸν τὸν Θεὸν διὰ σκληρότητα, ἀλλ' ἂς ἐξετάζωμεν τὸν ἑαυτόν μας. Πολλάκις αἱ δυστυχίαι μας εἶναι ἀποτέλεσμα τῶν ἰδικῶν μας ἐπιλογῶν καὶ ὄχι θέλημα τοῦ Θεοῦ. Ὁ Θεὸς δὲν ἐπιθυμεῖ τὸν θάνατον τοῦ ἁμαρτωλοῦ ἀλλὰ τὴν ἐπιστροφὴν καὶ τὴν ζωὴν αὐτοῦ.

Ὁ Θεός, ὅταν βλέπῃ τὸν ἄνθρωπον νὰ ἀπομακρύνεται ἀπὸ Αὐτόν, τὸν καλεῖ μὲ πολλοὺς τρόπους νὰ ἐπιστρέψῃ. Ἄλλοτε μὲ τὴν εὐλογίαν καὶ ἄλλοτε μὲ τὴν δοκιμασίαν. Καὶ τὰ δύο εἶναι ἐκδηλώσεις τῆς ἀγάπης Του. Ἐκεῖνος ὁ ὁποῖος πιστεύει ἀντιλαμβάνεται ὅτι ὅλα συνεργοῦν εἰς τὸ ἀγαθὸν τοῖς ἀγαπῶσι τὸν Θεόν.

Ἡ Ἁγία Γραφὴ μᾶς διδάσκει ὅτι ὁ Θεὸς εἶναι ἀγάπη. Ἐὰν ἐπιτρέπῃ τὴν δοκιμασίαν, τὸ κάμνει διὰ τὸ καλόν μας, διὰ νὰ μᾶς διδάξῃ καὶ νὰ μᾶς φέρῃ πλησιέστερον πρὸς Αὐτόν. Ὁ πατήρ ὁ ὁποῖος ἀγαπᾷ τὸ παιδί του τὸ παιδαγωγεῖ, καὶ ἡ παιδαγωγία αὐτὴ δὲν εἶναι σκληρότης ἀλλὰ φροντίς.

Τὸν Θεὸν δὲν τὸν βλέπομεν διὰ νὰ τὸν ἴδωμεν μὲ τὰ ἴδια μάτια. Μερικοὶ τὸν θεωροῦν σκληρόν, διότι ἐπιτρέπει τὴν δοκιμασίαν καὶ τὸν πόνον. Ὅμως ὁ Θεὸς δὲν εἶναι σκληρός. Ἡ ἀγάπη Του φανερώνεται εἰς κάθε στιγμὴν τῆς ζωῆς μας, ἀκόμη καὶ ὅταν δὲν τὴν ἀντιλαμβανόμεθα.

Ἂς μὴ κατηγοροῦμεν λοιπὸν τὸν Θεὸν διὰ σκληρότητα, ἀλλ' ἂς ἐξετάζωμεν τὸν ἑαυτόν μας. Πολλάκις αἱ δυστυχίαι μας εἶναι ἀποτέλεσμα τῶν ἰδικῶν μας ἐπιλογῶν καὶ ὄχι θέλημα τοῦ Θεοῦ. Ὁ Θεὸς δὲν ἐπιθυμεῖ τὸν θάνατον τοῦ ἁμαρτωλοῦ ἀλλὰ τὴν ἐπιστροφὴν καὶ τὴν ζωὴν αὐτοῦ.

Ὁ Θεός, ὅταν βλέπῃ τὸν ἄνθρωπον νὰ ἀπομακρύνεται ἀπὸ Αὐτόν, τὸν καλεῖ μὲ πολλοὺς τρόπους νὰ ἐπιστρέψῃ. Ἄλλοτε μὲ τὴν εὐλογίαν καὶ ἄλλοτε μὲ τὴν δοκιμασίαν. Καὶ τὰ δύο εἶναι ἐκδηλώσεις τῆς ἀγάπης Του. Ἐκεῖνος ὁ ὁποῖος πιστεύει ἀντιλαμβάνεται ὅτι ὅλα συνεργοῦν εἰς τὸ ἀγαθὸν τοῖς ἀγαπῶσι τὸν Θεόν.

Ὁ ἐπιθυμῶν νὰ λάβῃ ἕνα τεῦχος μὲ τὴν ὁμιλίαν αὐτήν, ἂς γράψῃ εἰς τὴν διεύθυνσιν τοῦ ἱεροκήρυκος.

ΤΑ ΑΝΘΗ ΣΑΣ
ΕΙΣ ΤΟΥ ΠΑΝΤΑΖΗ
ΝΕΑ ΜΕΓ. ΑΛΕΞΑΝΔΡΟΥ, ΤΗΛΕΦ. 79.300
Μνημειῶδες ἔργο 150 Ἑλλήνων καὶ ξένων ἐπιστημόνων καὶ εἰδικῶν
ΕΓΚΥΚΛΟΠΑΙΔΕΙΑ ΤΗΣ ΓΥΝΑΙΚΑΣ
ΕΓΚΥΚΛΟΠΑΙΔΕΙΑ ΤΗΣ ΓΥΝΑΙΚΑΣ
ΕΓΚΥΚΛΟΠΑΙΔΕΙΑ ΤΗΣ ΓΥΝΑΙΚΑΣ
ΕΓΚΥΚΛΟΠΑΙΔΕΙΑ ΤΗΣ ΓΥΝΑΙΚΑΣ
ΕΓΚΥΚΛΟΠΑΙΔΕΙΑ ΤΗΣ ΓΥΝΑΙΚΑΣ
Η ΠΕΝΤΑΤΟΜΗ
ΕΓΚΥΚΛΟΠΑΙΔΕΙΑ
ΤΗΣ ΓΥΝΑΙΚΑΣ
Κυκλοφορεῖ
σὲ ἑβδομαδιαῖα τεύχη
τῶν 7 δρχ.
ἀπὸ 3 Φεβρουαρίου
Μοναδικὸ καὶ ἀπαραίτητο ἀπόκτημα γιὰ κάθε γυναίκα, γιὰ κάθε οἰκογένεια
Πολύτιμος ὁδηγὸς τῆς γυναίκας στὴν ἀτομική, οἰκογενειακὴ καὶ κοινωνικὴ της ζωή.
ΧΑΡΑΚΤΗΡΙΣΤΙΚΑ ΘΕΜΑΤΑ ΤΟΥ ΕΡΓΟΥ

Α': Τὰ ἰδιαίτερα γνωρίσματα τοῦ γυναικείου σώματος. Οἱ φυσιολογικὲς ἰδιότητες τῆς γυναίκας. Ἡ ψυχολογία τῆς γυναίκας. Ὑγιεινὴ καὶ ὀμορφιά. Αἰσθητική. Σεξουαλικὴ ὑγιεινή. Ἡ γυναίκα στὸ σπίτι. Γυναικεῖες ἀσθένειες. Γόνιμες καὶ στεῖρες ἡμέρες. Ἐγκυμοσύνη. Τοκετός. Λοχεία. Ἐγκυμοσύνη καὶ αἰσθητική. Τὸ βρέφος: Σωματικὴ καὶ ψυχικὴ ἀνάπτυξη. Τὰ πρῶτα βήματα. Τὸ παιδὶ στὸ σπίτι. Τὸ μικρὸ παιδί: Κανονικὴ σωματικὴ ἀνάπτυξη. Ἡ ἀνατροφή: Τὸ δειλὸ καὶ φοβιτσιάρικο παιδί. Τὸ νευρικὸ παιδί. Τὸ παιδὶ ποὺ λέει ψέματα. Οἱ δάσεις τῆς ἀνατροφῆς.

Β': Τὸ κτίσιμο τοῦ κατοικιοῦ. Ὀρθολογικὴ κατανομὴ τῶν λειτουργιῶν τοῦ σπιτιοῦ. Τὰ χρώματα. Ὁ φωτισμός. Ἡ ἐπίπλωση. Ἡ διακόσμηση. Εἴδη οἰκιακῆς χρήσεως. Οἰκιακὴ οἰκονομία. Ἡ συντήρηση τοῦ σπιτιοῦ. Οἱ πρῶτες βοήθειες. 2.000 χρήσιμα καὶ πρακτικὰ μυστικά. Τὰ ὑφάσματα. Τὰ ἐνδύματα καὶ ἡ μόδα. Ἡ ραπτικὴ στὸ σπίτι. Τὸ πλέξιμο.

Γ': Γενικὲς γνώσεις διατροφῆς: Τροφογνωσία. Διαιτητική. Διαιτοθεραπεία. Τὰ μυστικὰ τῆς μαγειρικῆς: Σκοπὸς τῆς μαγειρικῆς. Βασικὲς μαγειρικὲς τεχνικές. Ἡ κουζίνα τῶν λαῶν. Γλυκίσματα. Τὸ πότε. Τὸ Savoir-vivre στὸ τραπέζι. Οἰκογενειακὴ καὶ κοινωνικὴ συμπεριφορά.

Δ': Ἡ γυναίκα καὶ ὁ ρόλος τῆς Γυναίκας σὲ ὅλες τὶς μορφὲς τῆς κοινωνικῆς ἐξέλιξης. Ἡ γυναίκα στὶς διάφορες χῶρες τοῦ σημερινοῦ κόσμου. Ἡ ἐξέλιξις τῆς γυναίκας ἐργασίας. Ἡ σημασία τῆς γυναίκας ἐργασίας στὴν Ἐθνικὴ Οἰκονομία. Τὰ γυναικεῖα ἐπαγγέλματα. Ἡ ἰδεολογία καὶ ὁ ρόλος τῆς Ἑλληνίδας στὴν τέχνη. Τὰ κοινωνικὰ δικαιώματα τῆς γυναίκας. Τὰ παιδιὰ τῆς Ἑλληνίδας. Διάσημες Γυναῖκες. Διακεκριμένες Ἑλληνίδες.

Ε': Τὰ δύο βασικὰ στοιχεῖα τοῦ ἔρωτα (Ἐνστικτο–Συνείδηση). Ἡ σεξουαλικὴ ζωή. Ἡ βιολογία τῆς σεξουαλικότητας. Σεξουαλικὴ ἀγωγή. Ἡ ἀγάπη. Ἡ εὐτυχία στὸ γάμο. Οἱ ψυχικὲς συγκρούσεις. Ἡ ἐξέλιξη τοῦ Γάμου καὶ τῆς Οἰκογένειας. Τὸ παιδὶ στὴν οἰκογένεια. Ἡ εὐτυχία τῆς γυναίκας στὸ σπίτι.

Ὅλες οἱ κατακτήσεις τῶν ἐπιστημῶν καὶ τῆς τεχνικῆς ποὺ ἀφοροῦν τὴ γυναίκα, τὴ μητέρα, τὸ παιδί, τὴν οἰκογένεια, τὸ σπίτι.
ΔΩΡΑ:	Στοὺς ἀγοραστὰς τῶν τευχῶν καθὼς καὶ στοὺς συνδρομητὰς προσφέρονται: α) Ἕνα κάδρο 25Χ35 (reproduction) μεγάλων ζωγράφων β) Ἕνα βιβλίο τῆς Marion Hilliard «Η ΚΟΥΡΑΣΗ ΤΗΣ ΓΥΝΑΙΚΑΣ».
Ζητῆστε τὰ τεύχη τῆς Ἐγκυκλοπαιδείας τῆς Γυναίκας ἀπὸ τὰ περίπτερα καὶ βιβλιοπωλεῖα
ΤΟ ΕΡΓΟ ΘΑ ΟΛΟΚΛΗΡΩΘΗ ΕΝΤΟΣ ΤΟΥ 1967 — ΚΥΚΛΟΦΟΡΕΙ ΤΑΥΤΟΧΡΟΝΑ ΚΑΙ ΕΙΣ ΤΗΝ ΕΠΑΡΧΙΑ
Κεντρικὴ διάθεσις καὶ ἔγγραφαὶ συνδρομητῶν: Ἐκδόσεις «ΠΑΛΜΟΣ», Ν. Ἀντωνόπουλος & Σία
ΑΘΗΝΑΙ: Ἀναξιμάνδρου 79 · Τ.Τ. 142 · τηλ. 627.559 — 623.095 ΘΕΣΣΑΛΟΝΙΚΗ: Φραγκίνη 2 · τηλ. 26.821
